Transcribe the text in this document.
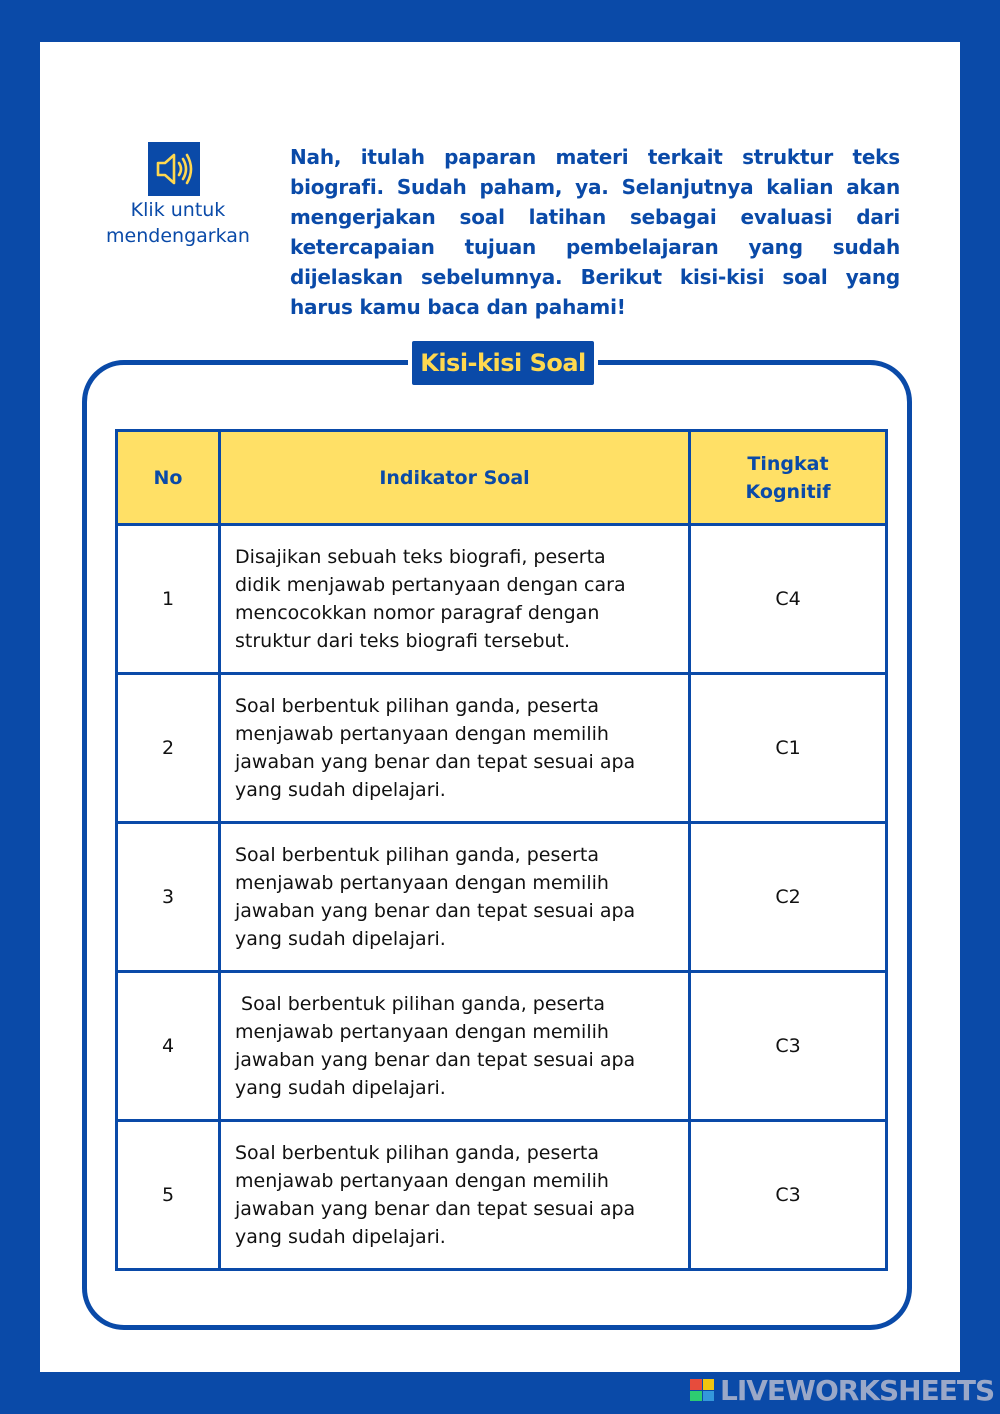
Klik untuk
mendengarkan

Nah, itulah paparan materi terkait struktur teks biografi. Sudah paham, ya. Selanjutnya kalian akan mengerjakan soal latihan sebagai evaluasi dari ketercapaian tujuan pembelajaran yang sudah dijelaskan sebelumnya. Berikut kisi-kisi soal yang harus kamu baca dan pahami!

Kisi-kisi Soal
No	Indikator Soal	Tingkat
Kognitif

1	Disajikan sebuah teks biografi, peserta didik menjawab pertanyaan dengan cara mencocokkan nomor paragraf dengan struktur dari teks biografi tersebut.	C4
2	Soal berbentuk pilihan ganda, peserta menjawab pertanyaan dengan memilih jawaban yang benar dan tepat sesuai apa yang sudah dipelajari.	C1
3	Soal berbentuk pilihan ganda, peserta menjawab pertanyaan dengan memilih jawaban yang benar dan tepat sesuai apa yang sudah dipelajari.	C2
4	Soal berbentuk pilihan ganda, peserta menjawab pertanyaan dengan memilih jawaban yang benar dan tepat sesuai apa yang sudah dipelajari.	C3
5	Soal berbentuk pilihan ganda, peserta menjawab pertanyaan dengan memilih jawaban yang benar dan tepat sesuai apa yang sudah dipelajari.	C3
LIVEWORKSHEETS
